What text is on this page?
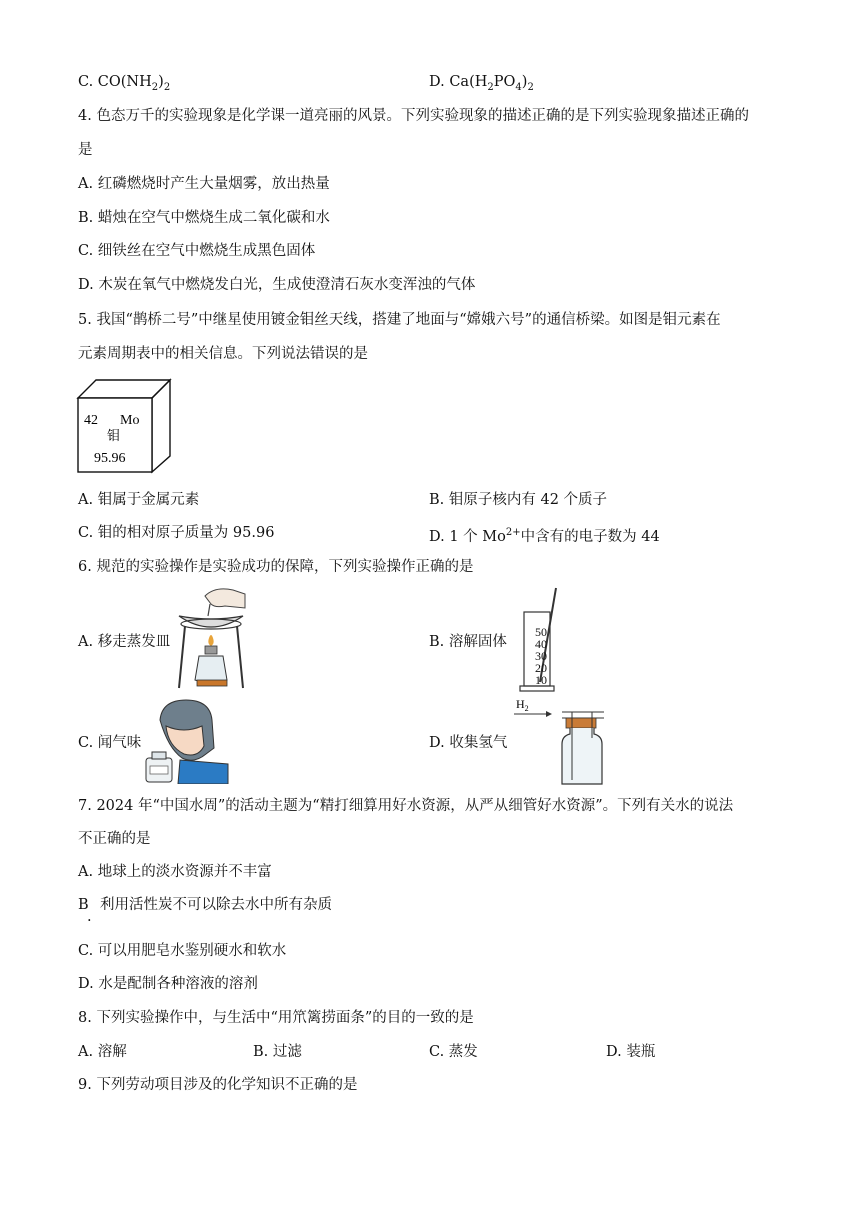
C. $CO(NH_2)_2$	D. $Ca(H_2PO_4)_2$
4. 色态万千的实验现象是化学课一道亮丽的风景。下列实验现象的描述正确的是下列实验现象描述正确的
是
A. 红磷燃烧时产生大量烟雾，放出热量
B. 蜡烛在空气中燃烧生成二氧化碳和水
C. 细铁丝在空气中燃烧生成黑色固体
D. 木炭在氧气中燃烧发白光，生成使澄清石灰水变浑浊的气体
5. 我国“鹊桥二号”中继星使用镀金钼丝天线，搭建了地面与“嫦娥六号”的通信桥梁。如图是钼元素在
元素周期表中的相关信息。下列说法错误的是
42 Mo
钼
95.96
A. 钼属于金属元素	B. 钼原子核内有 42 个质子
C. 钼的相对原子质量为 95.96	D. 1 个 $Mo^{2+}$中含有的电子数为 44
6. 规范的实验操作是实验成功的保障，下列实验操作正确的是
A. 移走蒸发皿	B. 溶解固体
50
40
30
20
10
C. 闻气味	D. 收集氢气
$H_2$
7. 2024 年“中国水周”的活动主题为“精打细算用好水资源，从严从细管好水资源”。下列有关水的说法
不正确的是
A. 地球上的淡水资源并不丰富
B
.
利用活性炭不可以除去水中所有杂质
C. 可以用肥皂水鉴别硬水和软水
D. 水是配制各种溶液的溶剂
8. 下列实验操作中，与生活中“用笊篱捞面条”的目的一致的是
A. 溶解	B. 过滤	C. 蒸发	D. 装瓶
9. 下列劳动项目涉及的化学知识不正确的是
